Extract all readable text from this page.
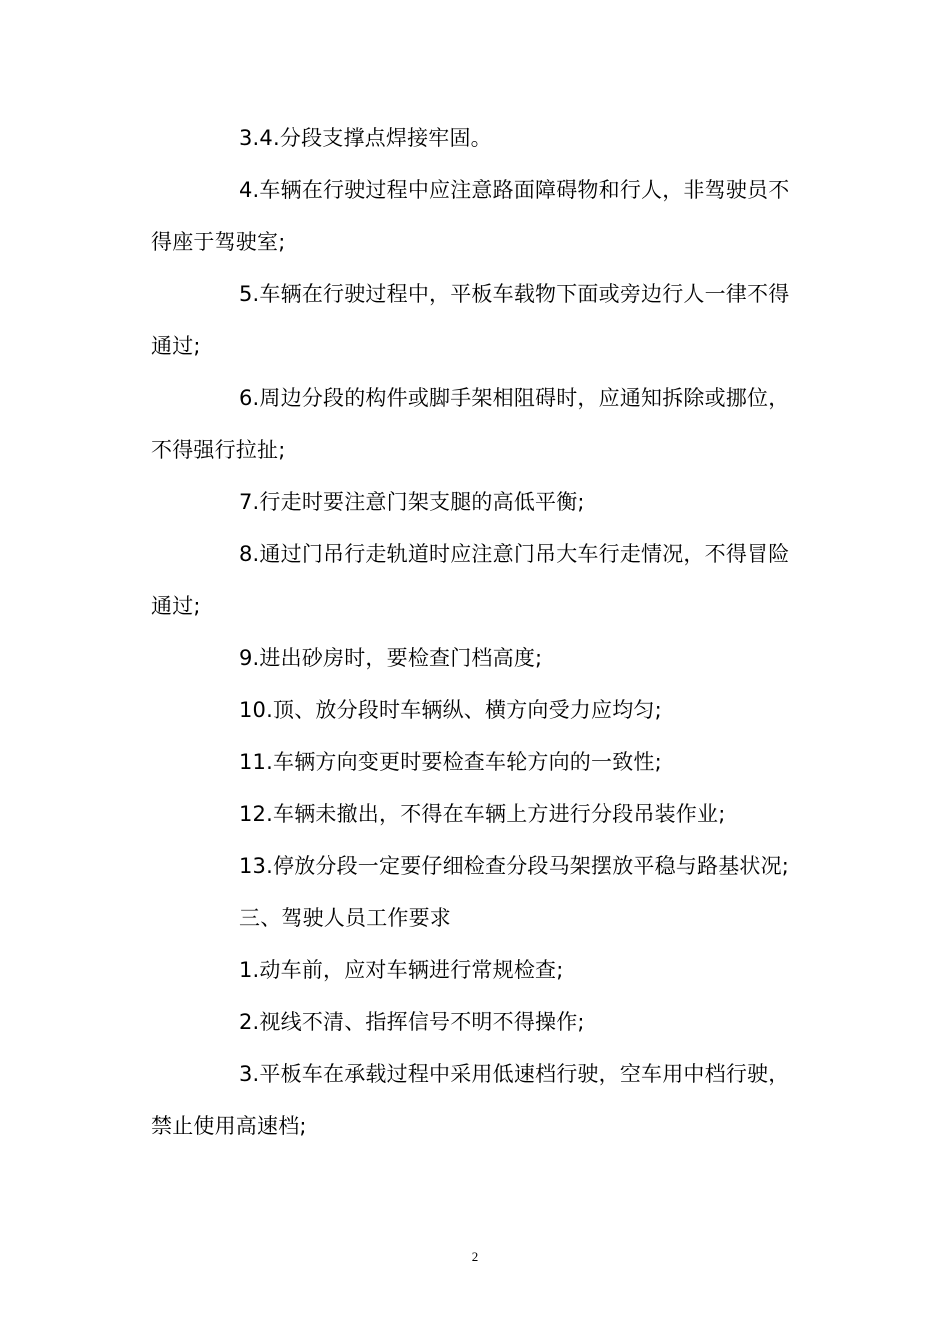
3.4.分段支撑点焊接牢固。

4.车辆在行驶过程中应注意路面障碍物和行人，非驾驶员不得座于驾驶室;

5.车辆在行驶过程中，平板车载物下面或旁边行人一律不得通过;

6.周边分段的构件或脚手架相阻碍时，应通知拆除或挪位，不得强行拉扯;

7.行走时要注意门架支腿的高低平衡;

8.通过门吊行走轨道时应注意门吊大车行走情况，不得冒险通过;

9.进出砂房时，要检查门档高度;

10.顶、放分段时车辆纵、横方向受力应均匀;

11.车辆方向变更时要检查车轮方向的一致性;

12.车辆未撤出，不得在车辆上方进行分段吊装作业;

13.停放分段一定要仔细检查分段马架摆放平稳与路基状况;

三、驾驶人员工作要求

1.动车前，应对车辆进行常规检查;

2.视线不清、指挥信号不明不得操作;

3.平板车在承载过程中采用低速档行驶，空车用中档行驶，禁止使用高速档;

2
